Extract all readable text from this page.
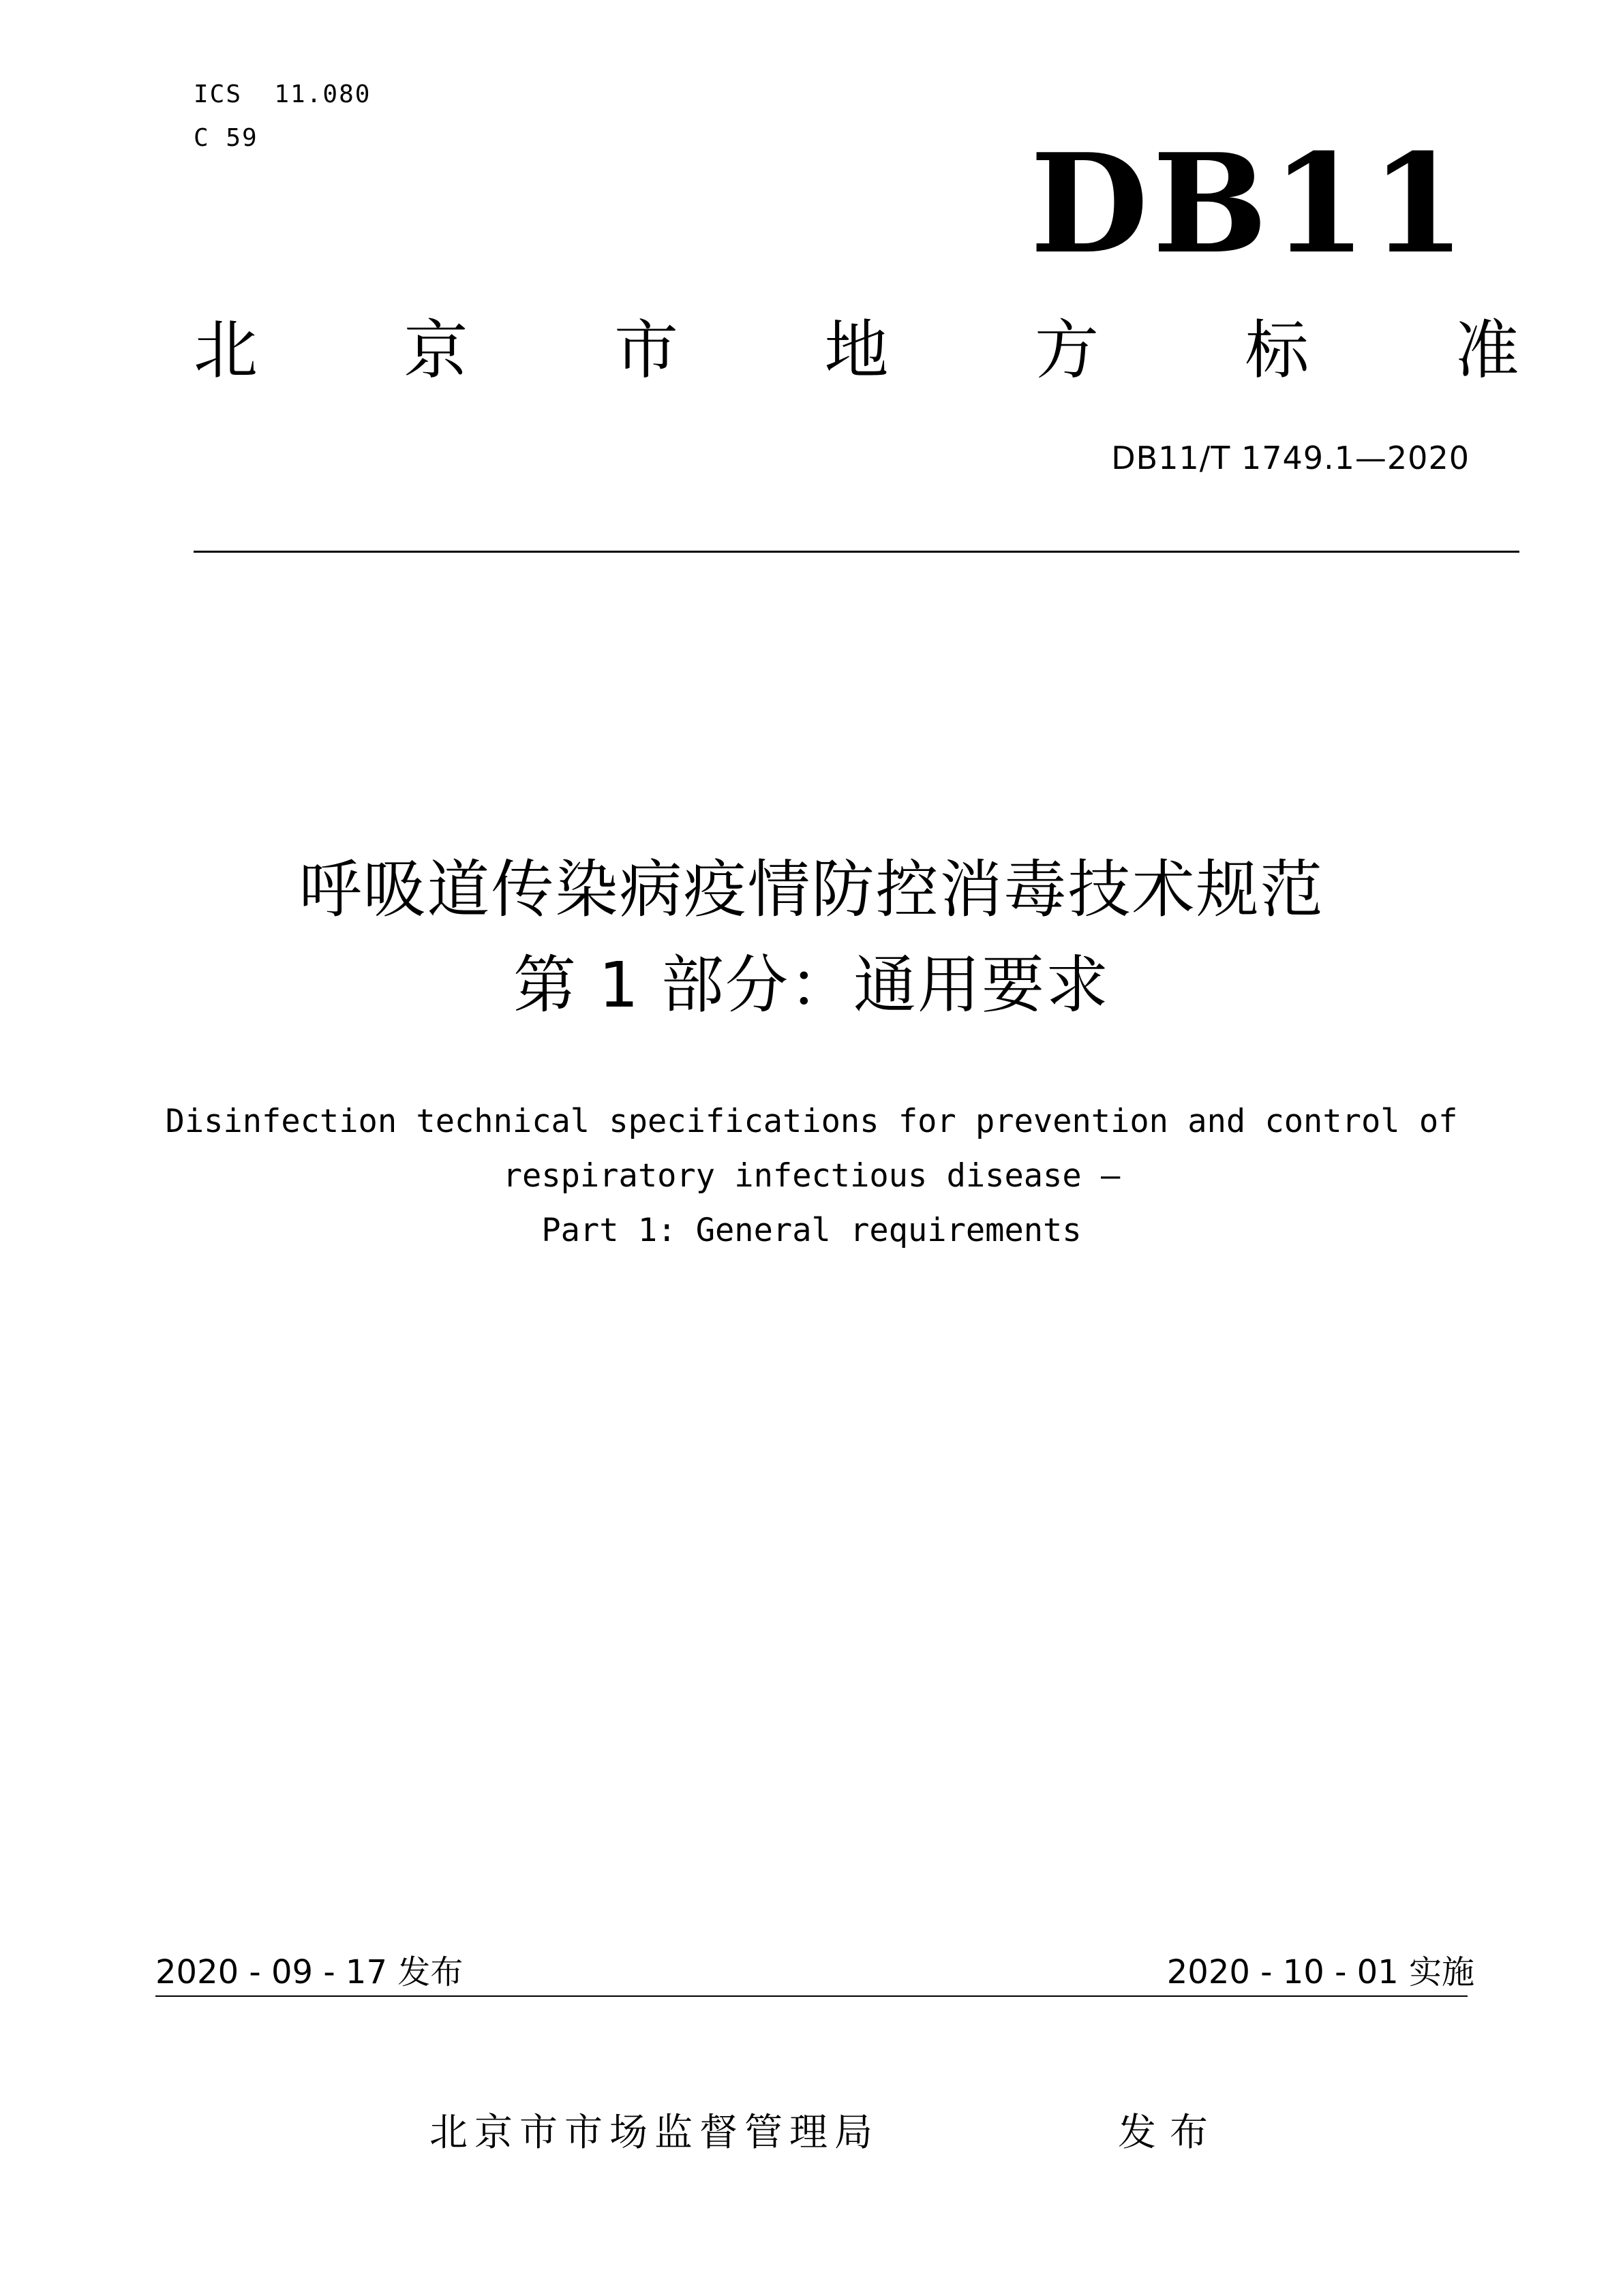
ICS  11.080
C 59	DB11
北 京 市 地 方 标 准
DB11/T 1749.1—2020
呼吸道传染病疫情防控消毒技术规范
第 1 部分：通用要求
Disinfection technical specifications for prevention and control of
respiratory infectious disease —
Part 1: General requirements
2020 - 09 - 17 发布	2020 - 10 - 01 实施
北京市市场监督管理局	发布
